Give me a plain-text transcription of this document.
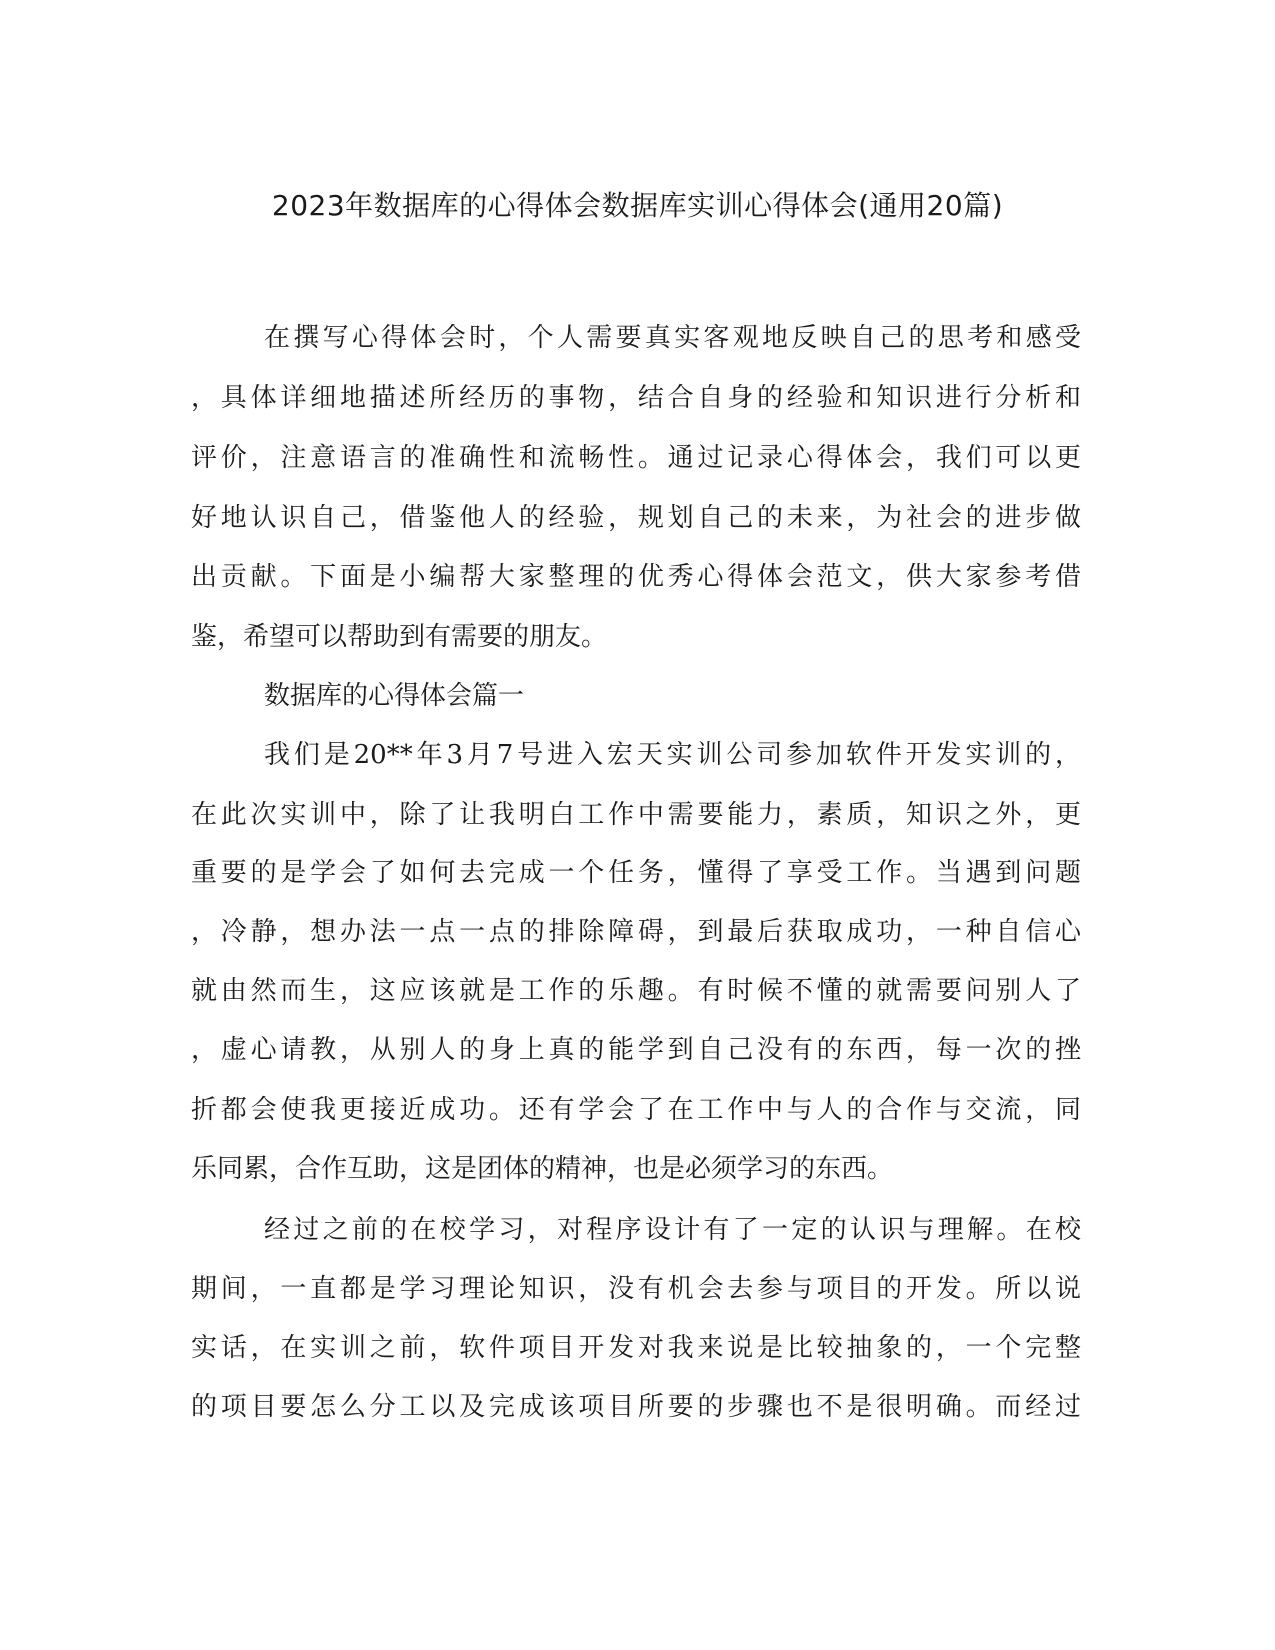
2023年数据库的心得体会数据库实训心得体会(通用20篇)
在撰写心得体会时，个人需要真实客观地反映自己的思考和感受
，具体详细地描述所经历的事物，结合自身的经验和知识进行分析和
评价，注意语言的准确性和流畅性。通过记录心得体会，我们可以更
好地认识自己，借鉴他人的经验，规划自己的未来，为社会的进步做
出贡献。下面是小编帮大家整理的优秀心得体会范文，供大家参考借
鉴，希望可以帮助到有需要的朋友。
数据库的心得体会篇一
我们是20**年3月7号进入宏天实训公司参加软件开发实训的，
在此次实训中，除了让我明白工作中需要能力，素质，知识之外，更
重要的是学会了如何去完成一个任务，懂得了享受工作。当遇到问题
，冷静，想办法一点一点的排除障碍，到最后获取成功，一种自信心
就由然而生，这应该就是工作的乐趣。有时候不懂的就需要问别人了
，虚心请教，从别人的身上真的能学到自己没有的东西，每一次的挫
折都会使我更接近成功。还有学会了在工作中与人的合作与交流，同
乐同累，合作互助，这是团体的精神，也是必须学习的东西。
经过之前的在校学习，对程序设计有了一定的认识与理解。在校
期间，一直都是学习理论知识，没有机会去参与项目的开发。所以说
实话，在实训之前，软件项目开发对我来说是比较抽象的，一个完整
的项目要怎么分工以及完成该项目所要的步骤也不是很明确。而经过
